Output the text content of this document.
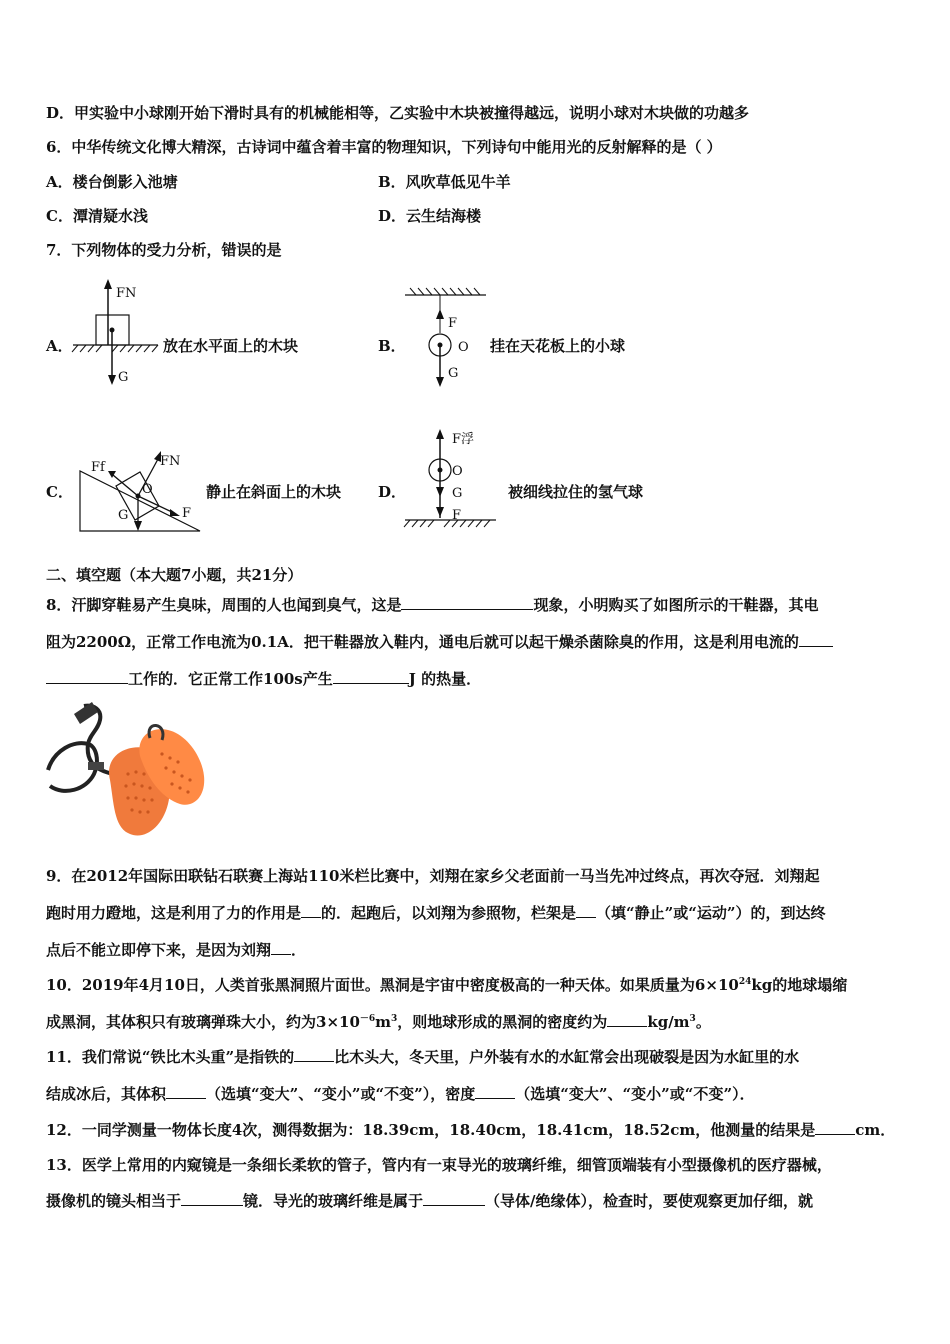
D．甲实验中小球刚开始下滑时具有的机械能相等，乙实验中木块被撞得越远，说明小球对木块做的功越多
6．中华传统文化博大精深，古诗词中蕴含着丰富的物理知识，下列诗句中能用光的反射解释的是（ ）
A．楼台倒影入池塘	B．风吹草低见牛羊
C．潭清疑水浅	D．云生结海楼
7．下列物体的受力分析，错误的是
A．
FN
G
放在水平面上的木块	B．
F
O
G
挂在天花板上的小球
C．	O
FN
Ff
G	F
静止在斜面上的木块 D．
F浮
O
G
F
被细线拉住的氢气球
二、填空题（本大题7小题，共21分）
8．汗脚穿鞋易产生臭味，周围的人也闻到臭气，这是	现象，小明购买了如图所示的干鞋器，其电
阻为2200Ω，正常工作电流为0.1A．把干鞋器放入鞋内，通电后就可以起干燥杀菌除臭的作用，这是利用电流的
工作的．它正常工作100s产生	J 的热量．
9．在2012年国际田联钻石联赛上海站110米栏比赛中，刘翔在家乡父老面前一马当先冲过终点，再次夺冠．刘翔起
跑时用力蹬地，这是利用了力的作用是 的．起跑后，以刘翔为参照物，栏架是 （填“静止”或“运动”）的，到达终
点后不能立即停下来，是因为刘翔 ．
10．2019年4月10日，人类首张黑洞照片面世。黑洞是宇宙中密度极高的一种天体。如果质量为$6\times 10^{24}kg$的地球塌缩
成黑洞，其体积只有玻璃弹珠大小，约为$3\times 10^{-6}m^3$，则地球形成的黑洞的密度约为	$kg/m^3$。
11．我们常说“铁比木头重”是指铁的	比木头大，冬天里，户外装有水的水缸常会出现破裂是因为水缸里的水
结成冰后，其体积	（选填“变大”、“变小”或“不变”），密度	（选填“变大”、“变小”或“不变”）．
12．一同学测量一物体长度4次，测得数据为：18.39cm，18.40cm，18.41cm，18.52cm，他测量的结果是	cm．
13．医学上常用的内窥镜是一条细长柔软的管子，管内有一束导光的玻璃纤维，细管顶端装有小型摄像机的医疗器械，
摄像机的镜头相当于	镜．导光的玻璃纤维是属于	（导体/绝缘体），检查时，要使观察更加仔细，就
